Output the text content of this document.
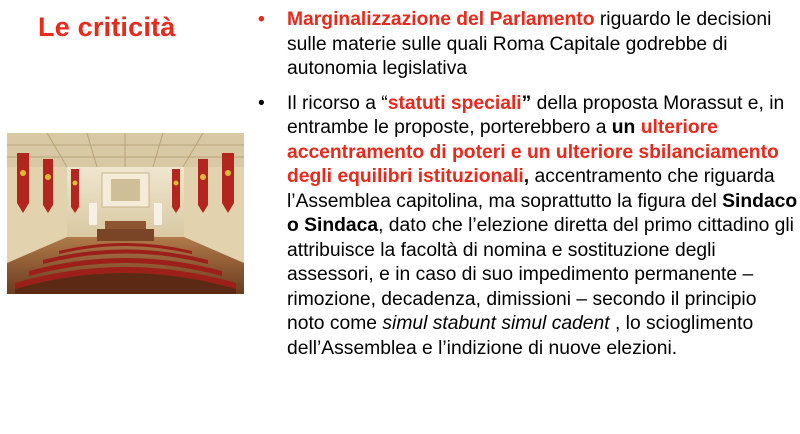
Le criticità	• Marginalizzazione del Parlamento riguardo le decisioni sulle materie sulle quali Roma Capitale godrebbe di autonomia legislativa
• Il ricorso a “statuti speciali” della proposta Morassut e, in entrambe le proposte, porterebbero a un ulteriore accentramento di poteri e un ulteriore sbilanciamento degli equilibri istituzionali, accentramento che riguarda l’Assemblea capitolina, ma soprattutto la figura del Sindaco o Sindaca, dato che l’elezione diretta del primo cittadino gli attribuisce la facoltà di nomina e sostituzione degli assessori, e in caso di suo impedimento permanente – rimozione, decadenza, dimissioni – secondo il principio noto come simul stabunt simul cadent , lo scioglimento dell’Assemblea e l’indizione di nuove elezioni.
